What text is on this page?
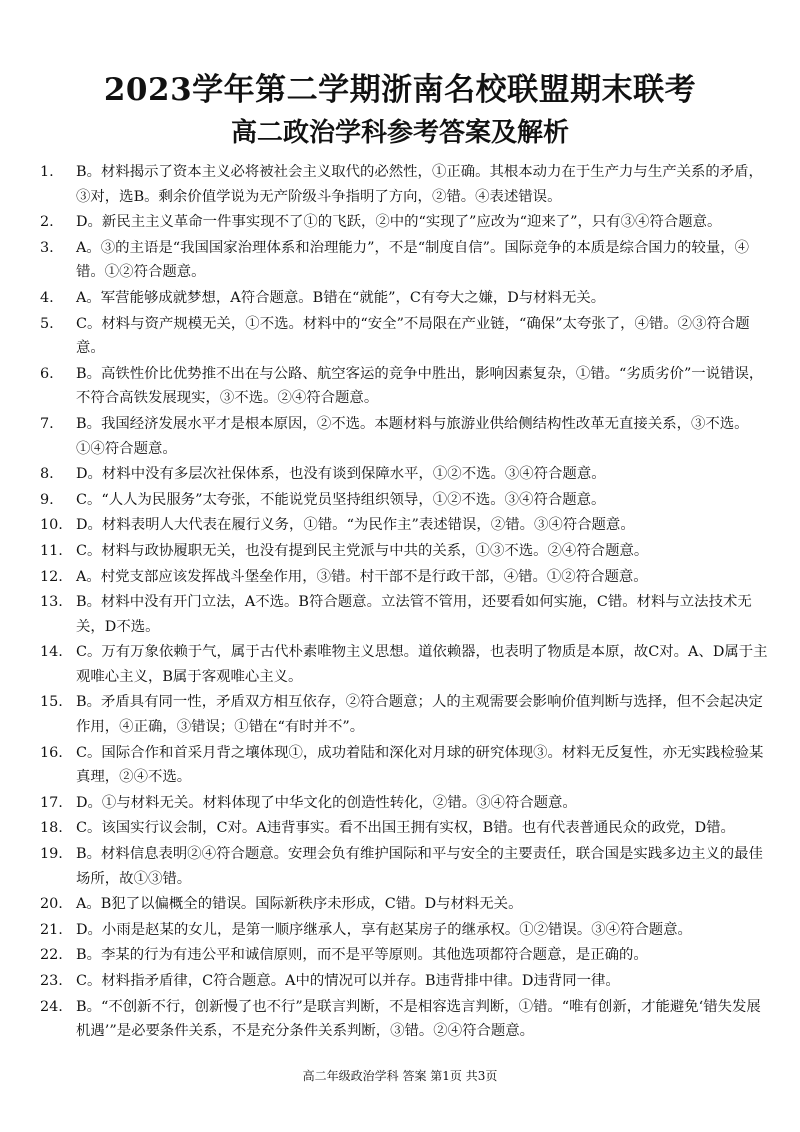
2023学年第二学期浙南名校联盟期末联考
高二政治学科参考答案及解析
1.	B。材料揭示了资本主义必将被社会主义取代的必然性，①正确。其根本动力在于生产力与生产关系的矛盾，③对，选B。剩余价值学说为无产阶级斗争指明了方向，②错。④表述错误。
2.	D。新民主主义革命一件事实现不了①的飞跃，②中的“实现了”应改为“迎来了”，只有③④符合题意。
3.	A。③的主语是“我国国家治理体系和治理能力”，不是“制度自信”。国际竞争的本质是综合国力的较量，④错。①②符合题意。
4.	A。军营能够成就梦想，A符合题意。B错在“就能”，C有夸大之嫌，D与材料无关。
5.	C。材料与资产规模无关，①不选。材料中的“安全”不局限在产业链，“确保”太夸张了，④错。②③符合题意。
6.	B。高铁性价比优势推不出在与公路、航空客运的竞争中胜出，影响因素复杂，①错。“劣质劣价”一说错误，不符合高铁发展现实，③不选。②④符合题意。
7.	B。我国经济发展水平才是根本原因，②不选。本题材料与旅游业供给侧结构性改革无直接关系，③不选。①④符合题意。
8.	D。材料中没有多层次社保体系，也没有谈到保障水平，①②不选。③④符合题意。
9.	C。“人人为民服务”太夸张，不能说党员坚持组织领导，①②不选。③④符合题意。
10. D。材料表明人大代表在履行义务，①错。“为民作主”表述错误，②错。③④符合题意。
11. C。材料与政协履职无关，也没有提到民主党派与中共的关系，①③不选。②④符合题意。
12. A。村党支部应该发挥战斗堡垒作用，③错。村干部不是行政干部，④错。①②符合题意。
13. B。材料中没有开门立法，A不选。B符合题意。立法管不管用，还要看如何实施，C错。材料与立法技术无关，D不选。
14. C。万有万象依赖于气，属于古代朴素唯物主义思想。道依赖器，也表明了物质是本原，故C对。A、D属于主观唯心主义，B属于客观唯心主义。
15. B。矛盾具有同一性，矛盾双方相互依存，②符合题意；人的主观需要会影响价值判断与选择，但不会起决定作用，④正确，③错误；①错在“有时并不”。
16. C。国际合作和首采月背之壤体现①，成功着陆和深化对月球的研究体现③。材料无反复性，亦无实践检验某真理，②④不选。
17. D。①与材料无关。材料体现了中华文化的创造性转化，②错。③④符合题意。
18. C。该国实行议会制，C对。A违背事实。看不出国王拥有实权，B错。也有代表普通民众的政党，D错。
19. B。材料信息表明②④符合题意。安理会负有维护国际和平与安全的主要责任，联合国是实践多边主义的最佳场所，故①③错。
20. A。B犯了以偏概全的错误。国际新秩序未形成，C错。D与材料无关。
21. D。小雨是赵某的女儿，是第一顺序继承人，享有赵某房子的继承权。①②错误。③④符合题意。
22. B。李某的行为有违公平和诚信原则，而不是平等原则。其他选项都符合题意，是正确的。
23. C。材料指矛盾律，C符合题意。A中的情况可以并存。B违背排中律。D违背同一律。
24. B。“不创新不行，创新慢了也不行”是联言判断，不是相容选言判断，①错。“唯有创新，才能避免‘错失发展机遇’”是必要条件关系，不是充分条件关系判断，③错。②④符合题意。
高二年级政治学科 答案 第1页 共3页
